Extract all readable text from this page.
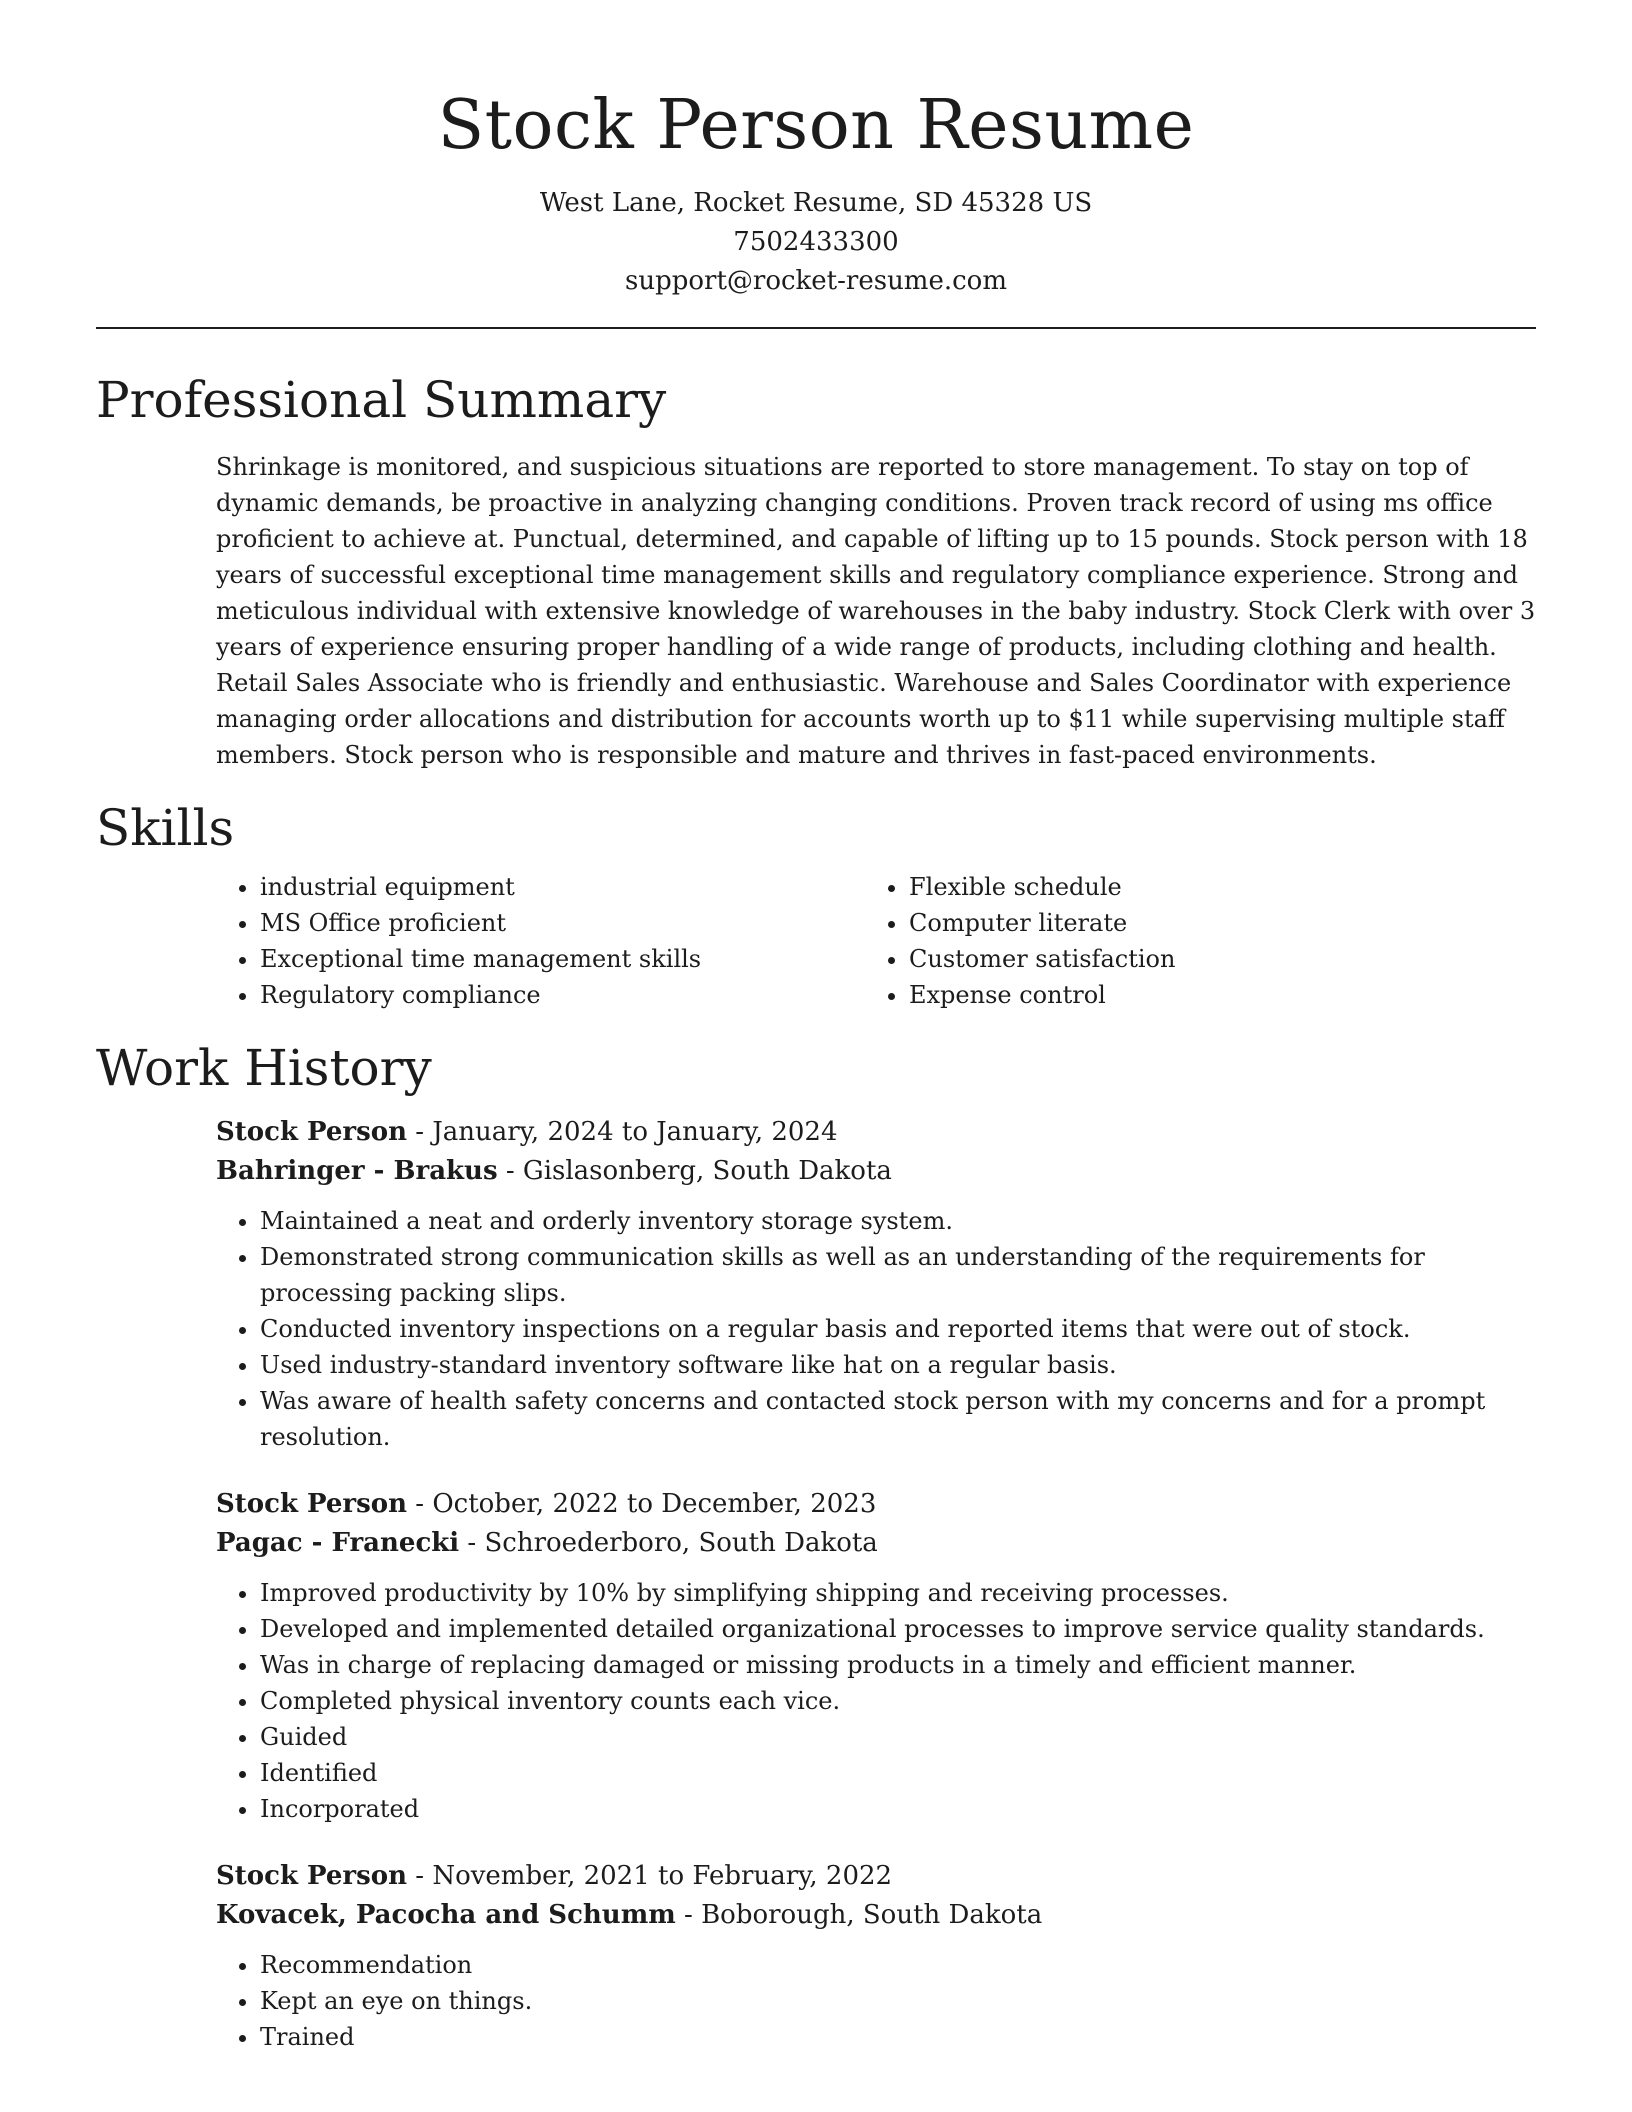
Stock Person Resume
West Lane, Rocket Resume, SD 45328 US
7502433300
support@rocket-resume.com
Professional Summary

Shrinkage is monitored, and suspicious situations are reported to store management. To stay on top of dynamic demands, be proactive in analyzing changing conditions. Proven track record of using ms office proficient to achieve at. Punctual, determined, and capable of lifting up to 15 pounds. Stock person with 18 years of successful exceptional time management skills and regulatory compliance experience. Strong and meticulous individual with extensive knowledge of warehouses in the baby industry. Stock Clerk with over 3 years of experience ensuring proper handling of a wide range of products, including clothing and health. Retail Sales Associate who is friendly and enthusiastic. Warehouse and Sales Coordinator with experience managing order allocations and distribution for accounts worth up to $11 while supervising multiple staff members. Stock person who is responsible and mature and thrives in fast-paced environments.

Skills
• industrial equipment
• MS Office proficient
• Exceptional time management skills
• Regulatory compliance
• Flexible schedule
• Computer literate
• Customer satisfaction
• Expense control
Work History
Stock Person - January, 2024 to January, 2024
Bahringer - Brakus - Gislasonberg, South Dakota
• Maintained a neat and orderly inventory storage system.
• Demonstrated strong communication skills as well as an understanding of the requirements for processing packing slips.
• Conducted inventory inspections on a regular basis and reported items that were out of stock.
• Used industry-standard inventory software like hat on a regular basis.
• Was aware of health safety concerns and contacted stock person with my concerns and for a prompt resolution.
Stock Person - October, 2022 to December, 2023
Pagac - Franecki - Schroederboro, South Dakota
• Improved productivity by 10% by simplifying shipping and receiving processes.
• Developed and implemented detailed organizational processes to improve service quality standards.
• Was in charge of replacing damaged or missing products in a timely and efficient manner.
• Completed physical inventory counts each vice.
• Guided
• Identified
• Incorporated
Stock Person - November, 2021 to February, 2022
Kovacek, Pacocha and Schumm - Boborough, South Dakota
• Recommendation
• Kept an eye on things.
• Trained
